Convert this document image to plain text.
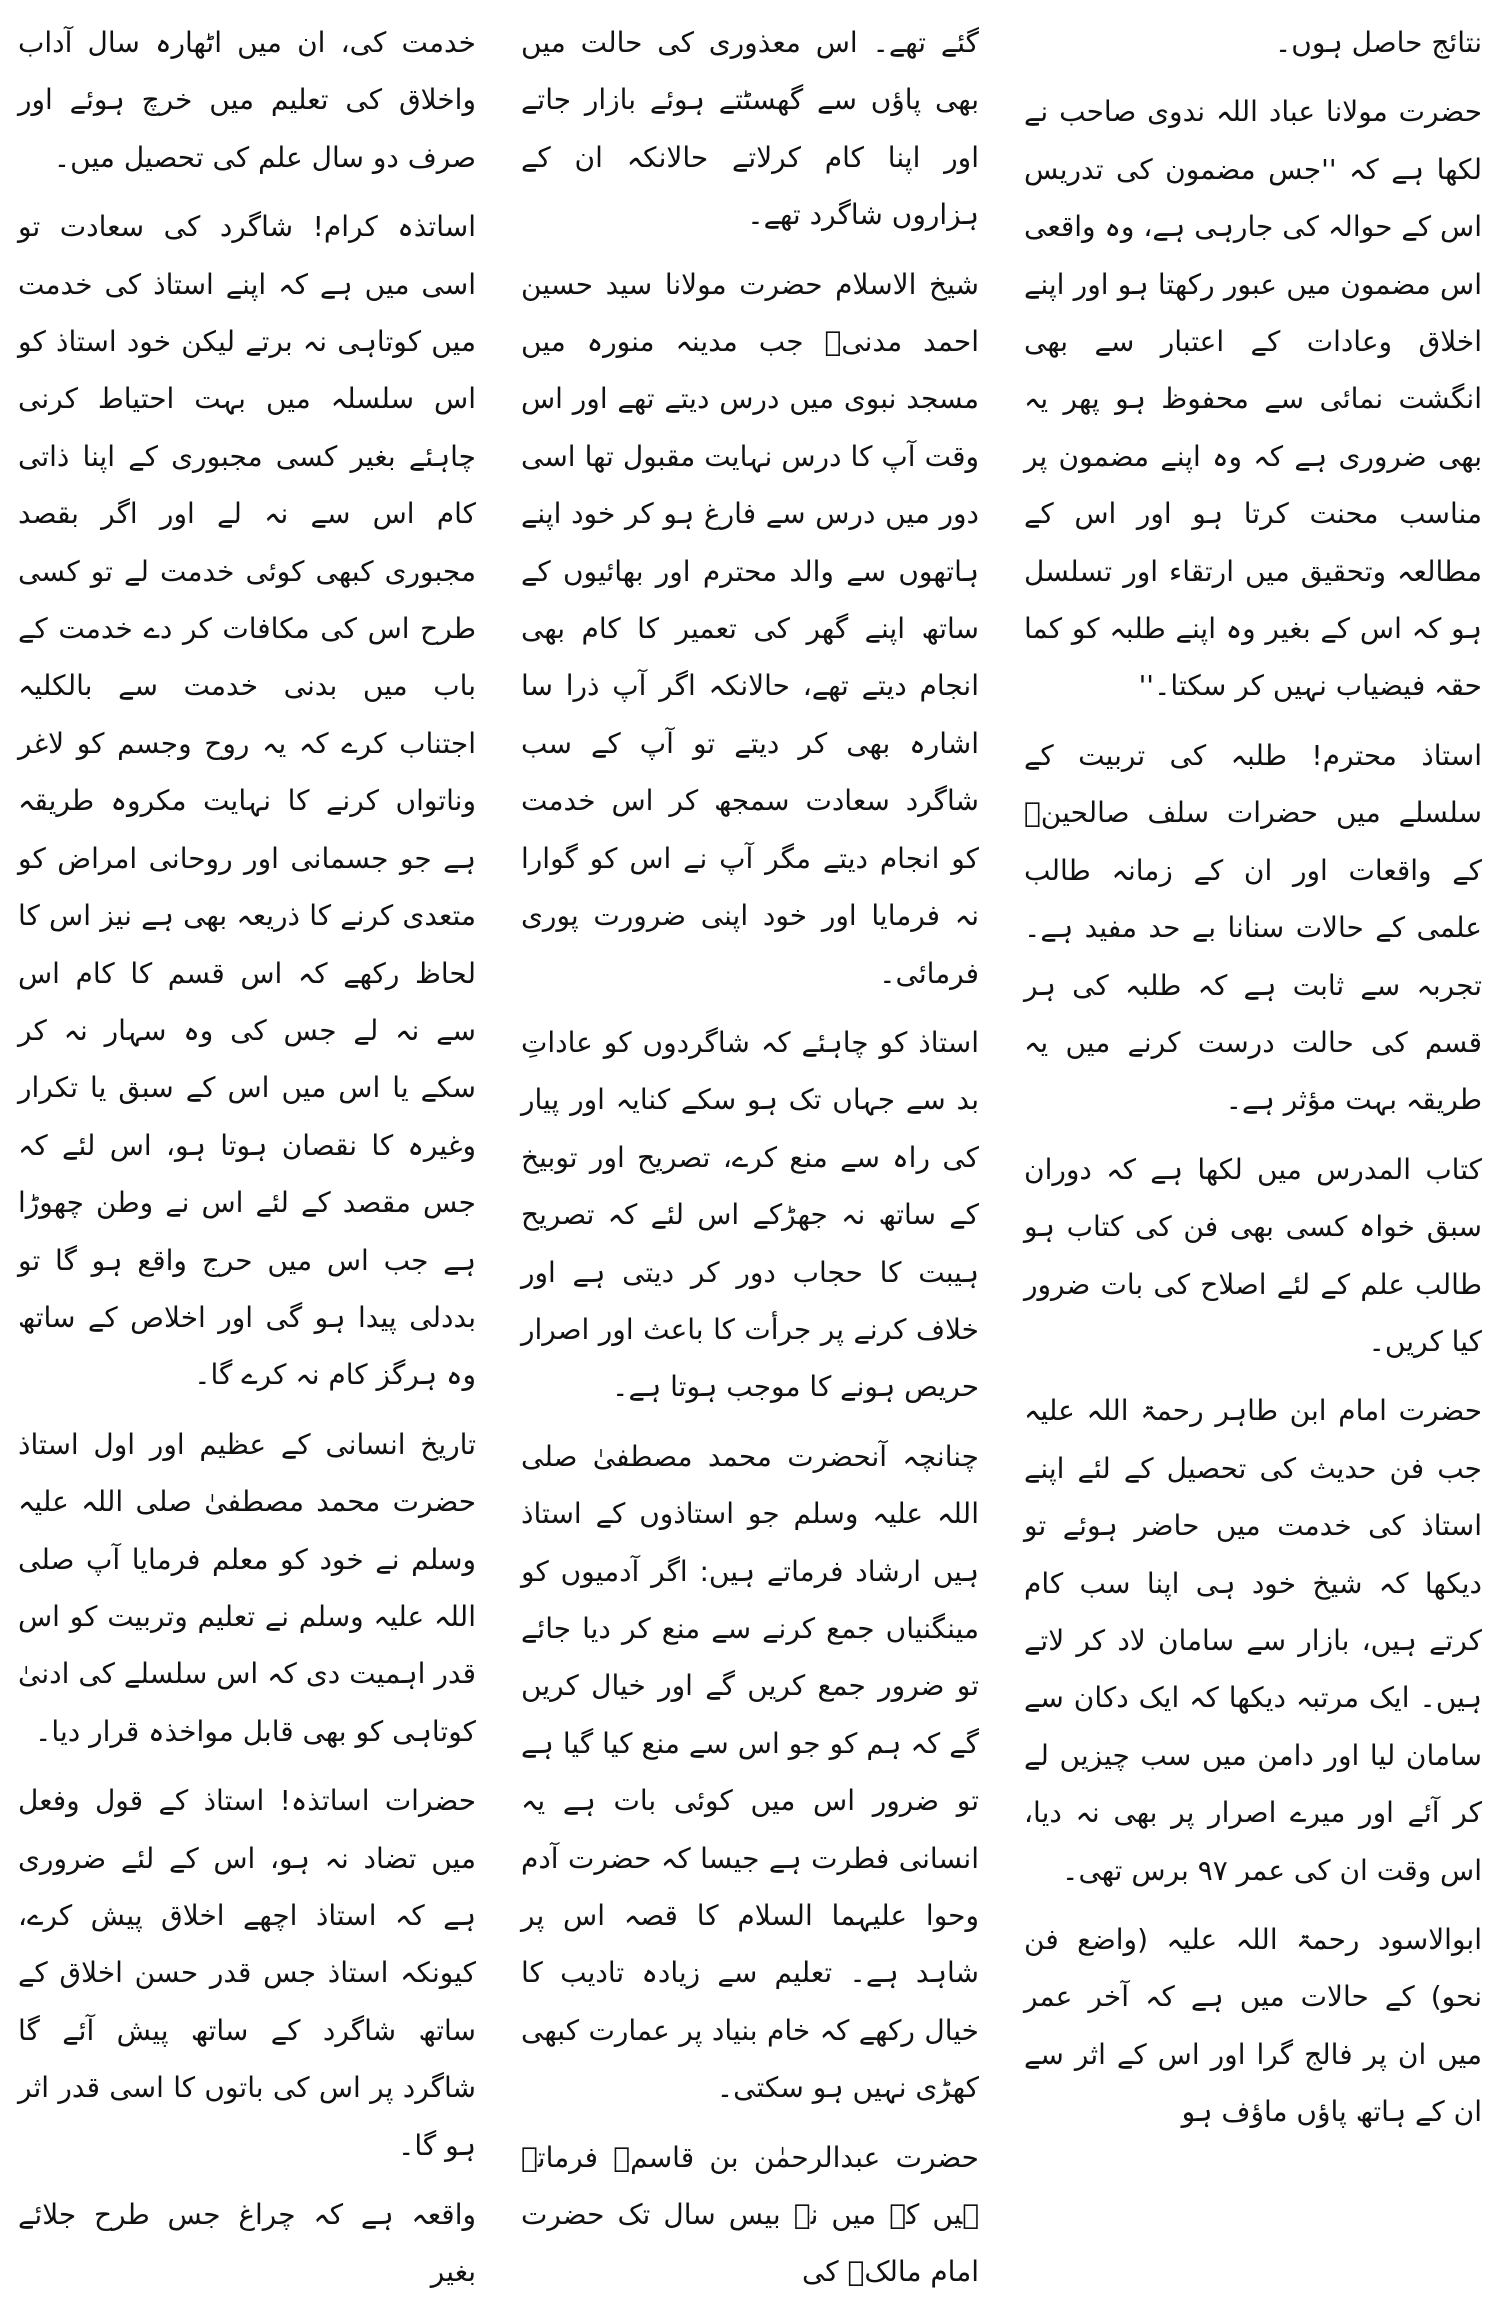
نتائج حاصل ہوں۔

حضرت مولانا عباد اللہ ندوی صاحب نے لکھا ہے کہ ''جس مضمون کی تدریس اس کے حوالہ کی جارہی ہے، وہ واقعی اس مضمون میں عبور رکھتا ہو اور اپنے اخلاق وعادات کے اعتبار سے بھی انگشت نمائی سے محفوظ ہو پھر یہ بھی ضروری ہے کہ وہ اپنے مضمون پر مناسب محنت کرتا ہو اور اس کے مطالعہ وتحقیق میں ارتقاء اور تسلسل ہو کہ اس کے بغیر وہ اپنے طلبہ کو کما حقہ فیضیاب نہیں کر سکتا۔''

استاذ محترم! طلبہ کی تربیت کے سلسلے میں حضرات سلف صالحینؒ کے واقعات اور ان کے زمانہ طالب علمی کے حالات سنانا بے حد مفید ہے۔ تجربہ سے ثابت ہے کہ طلبہ کی ہر قسم کی حالت درست کرنے میں یہ طریقہ بہت مؤثر ہے۔

کتاب المدرس میں لکھا ہے کہ دوران سبق خواہ کسی بھی فن کی کتاب ہو طالب علم کے لئے اصلاح کی بات ضرور کیا کریں۔

حضرت امام ابن طاہر رحمۃ اللہ علیہ جب فن حدیث کی تحصیل کے لئے اپنے استاذ کی خدمت میں حاضر ہوئے تو دیکھا کہ شیخ خود ہی اپنا سب کام کرتے ہیں، بازار سے سامان لاد کر لاتے ہیں۔ ایک مرتبہ دیکھا کہ ایک دکان سے سامان لیا اور دامن میں سب چیزیں لے کر آئے اور میرے اصرار پر بھی نہ دیا، اس وقت ان کی عمر ۹۷ برس تھی۔

ابوالاسود رحمۃ اللہ علیہ (واضع فن نحو) کے حالات میں ہے کہ آخر عمر میں ان پر فالج گرا اور اس کے اثر سے ان کے ہاتھ پاؤں ماؤف ہو

گئے تھے۔ اس معذوری کی حالت میں بھی پاؤں سے گھسٹتے ہوئے بازار جاتے اور اپنا کام کرلاتے حالانکہ ان کے ہزاروں شاگرد تھے۔

شیخ الاسلام حضرت مولانا سید حسین احمد مدنیؒ جب مدینہ منورہ میں مسجد نبوی میں درس دیتے تھے اور اس وقت آپ کا درس نہایت مقبول تھا اسی دور میں درس سے فارغ ہو کر خود اپنے ہاتھوں سے والد محترم اور بھائیوں کے ساتھ اپنے گھر کی تعمیر کا کام بھی انجام دیتے تھے، حالانکہ اگر آپ ذرا سا اشارہ بھی کر دیتے تو آپ کے سب شاگرد سعادت سمجھ کر اس خدمت کو انجام دیتے مگر آپ نے اس کو گوارا نہ فرمایا اور خود اپنی ضرورت پوری فرمائی۔

استاذ کو چاہئے کہ شاگردوں کو عاداتِ بد سے جہاں تک ہو سکے کنایہ اور پیار کی راہ سے منع کرے، تصریح اور توبیخ کے ساتھ نہ جھڑکے اس لئے کہ تصریح ہیبت کا حجاب دور کر دیتی ہے اور خلاف کرنے پر جرأت کا باعث اور اصرار حریص ہونے کا موجب ہوتا ہے۔

چنانچہ آنحضرت محمد مصطفیٰ صلی اللہ علیہ وسلم جو استاذوں کے استاذ ہیں ارشاد فرماتے ہیں: اگر آدمیوں کو مینگنیاں جمع کرنے سے منع کر دیا جائے تو ضرور جمع کریں گے اور خیال کریں گے کہ ہم کو جو اس سے منع کیا گیا ہے تو ضرور اس میں کوئی بات ہے یہ انسانی فطرت ہے جیسا کہ حضرت آدم وحوا علیہما السلام کا قصہ اس پر شاہد ہے۔ تعلیم سے زیادہ تادیب کا خیال رکھے کہ خام بنیاد پر عمارت کبھی کھڑی نہیں ہو سکتی۔

حضرت عبدالرحمٰن بن قاسمؒ فرماتے ہیں کہ میں نے بیس سال تک حضرت امام مالکؒ کی

خدمت کی، ان میں اٹھارہ سال آداب واخلاق کی تعلیم میں خرچ ہوئے اور صرف دو سال علم کی تحصیل میں۔

اساتذہ کرام! شاگرد کی سعادت تو اسی میں ہے کہ اپنے استاذ کی خدمت میں کوتاہی نہ برتے لیکن خود استاذ کو اس سلسلہ میں بہت احتیاط کرنی چاہئے بغیر کسی مجبوری کے اپنا ذاتی کام اس سے نہ لے اور اگر بقصد مجبوری کبھی کوئی خدمت لے تو کسی طرح اس کی مکافات کر دے خدمت کے باب میں بدنی خدمت سے بالکلیہ اجتناب کرے کہ یہ روح وجسم کو لاغر وناتواں کرنے کا نہایت مکروہ طریقہ ہے جو جسمانی اور روحانی امراض کو متعدی کرنے کا ذریعہ بھی ہے نیز اس کا لحاظ رکھے کہ اس قسم کا کام اس سے نہ لے جس کی وہ سہار نہ کر سکے یا اس میں اس کے سبق یا تکرار وغیرہ کا نقصان ہوتا ہو، اس لئے کہ جس مقصد کے لئے اس نے وطن چھوڑا ہے جب اس میں حرج واقع ہو گا تو بددلی پیدا ہو گی اور اخلاص کے ساتھ وہ ہرگز کام نہ کرے گا۔

تاریخ انسانی کے عظیم اور اول استاذ حضرت محمد مصطفیٰ صلی اللہ علیہ وسلم نے خود کو معلم فرمایا آپ صلی اللہ علیہ وسلم نے تعلیم وتربیت کو اس قدر اہمیت دی کہ اس سلسلے کی ادنیٰ کوتاہی کو بھی قابل مواخذہ قرار دیا۔

حضرات اساتذہ! استاذ کے قول وفعل میں تضاد نہ ہو، اس کے لئے ضروری ہے کہ استاذ اچھے اخلاق پیش کرے، کیونکہ استاذ جس قدر حسن اخلاق کے ساتھ شاگرد کے ساتھ پیش آئے گا شاگرد پر اس کی باتوں کا اسی قدر اثر ہو گا۔

واقعہ ہے کہ چراغ جس طرح جلائے بغیر
